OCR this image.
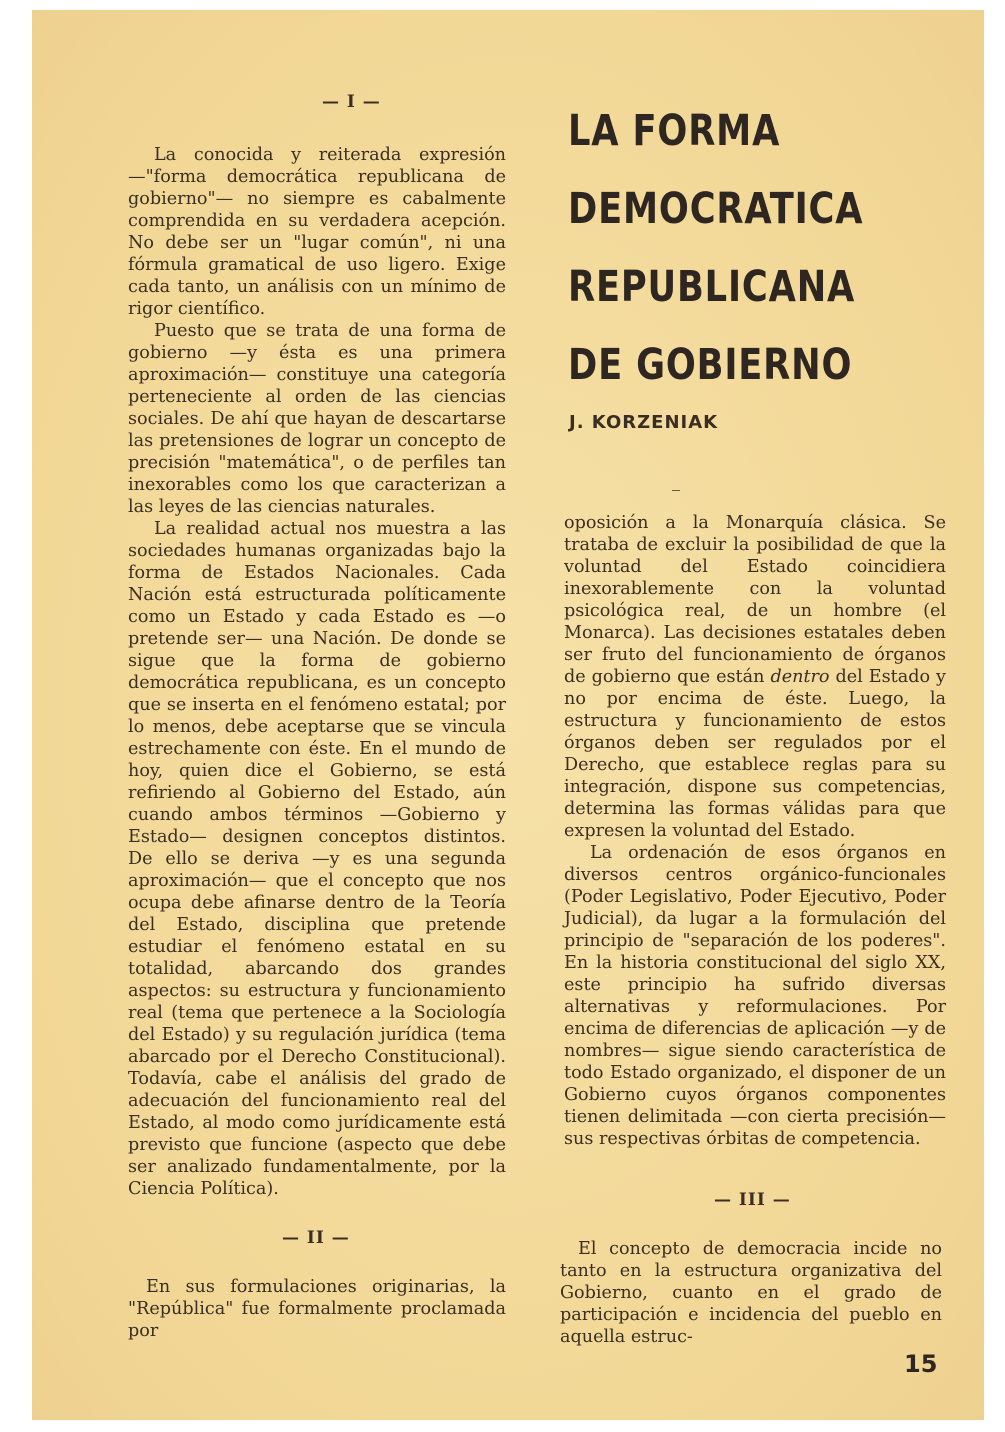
— I —

La conocida y reiterada expresión —"forma democrática republicana de gobierno"— no siempre es cabalmente comprendida en su verdadera acepción. No debe ser un "lugar común", ni una fórmula gramatical de uso ligero. Exige cada tanto, un análisis con un mínimo de rigor científico.

Puesto que se trata de una forma de gobierno —y ésta es una primera aproximación— constituye una categoría perteneciente al orden de las ciencias sociales. De ahí que hayan de descartarse las pretensiones de lograr un concepto de precisión "matemática", o de perfiles tan inexorables como los que caracterizan a las leyes de las ciencias naturales.

La realidad actual nos muestra a las sociedades humanas organizadas bajo la forma de Estados Nacionales. Cada Nación está estructurada políticamente como un Estado y cada Estado es —o pretende ser— una Nación. De donde se sigue que la forma de gobierno democrática republicana, es un concepto que se inserta en el fenómeno estatal; por lo menos, debe aceptarse que se vincula estrechamente con éste. En el mundo de hoy, quien dice el Gobierno, se está refiriendo al Gobierno del Estado, aún cuando ambos términos —Gobierno y Estado— designen conceptos distintos. De ello se deriva —y es una segunda aproximación— que el concepto que nos ocupa debe afinarse dentro de la Teoría del Estado, disciplina que pretende estudiar el fenómeno estatal en su totalidad, abarcando dos grandes aspectos: su estructura y funcionamiento real (tema que pertenece a la Sociología del Estado) y su regulación jurídica (tema abarcado por el Derecho Constitucional). Todavía, cabe el análisis del grado de adecuación del funcionamiento real del Estado, al modo como jurídicamente está previsto que funcione (aspecto que debe ser analizado fundamentalmente, por la Ciencia Política).

— II —

En sus formulaciones originarias, la "República" fue formalmente proclamada por

LA FORMA
DEMOCRATICA
REPUBLICANA
DE GOBIERNO
J. KORZENIAK

oposición a la Monarquía clásica. Se trataba de excluir la posibilidad de que la voluntad del Estado coincidiera inexorablemente con la voluntad psicológica real, de un hombre (el Monarca). Las decisiones estatales deben ser fruto del funcionamiento de órganos de gobierno que están dentro del Estado y no por encima de éste. Luego, la estructura y funcionamiento de estos órganos deben ser regulados por el Derecho, que establece reglas para su integración, dispone sus competencias, determina las formas válidas para que expresen la voluntad del Estado.

La ordenación de esos órganos en diversos centros orgánico-funcionales (Poder Legislativo, Poder Ejecutivo, Poder Judicial), da lugar a la formulación del principio de "separación de los poderes". En la historia constitucional del siglo XX, este principio ha sufrido diversas alternativas y reformulaciones. Por encima de diferencias de aplicación —y de nombres— sigue siendo característica de todo Estado organizado, el disponer de un Gobierno cuyos órganos componentes tienen delimitada —con cierta precisión— sus respectivas órbitas de competencia.

— III —

El concepto de democracia incide no tanto en la estructura organizativa del Gobierno, cuanto en el grado de participación e incidencia del pueblo en aquella estruc-

15
